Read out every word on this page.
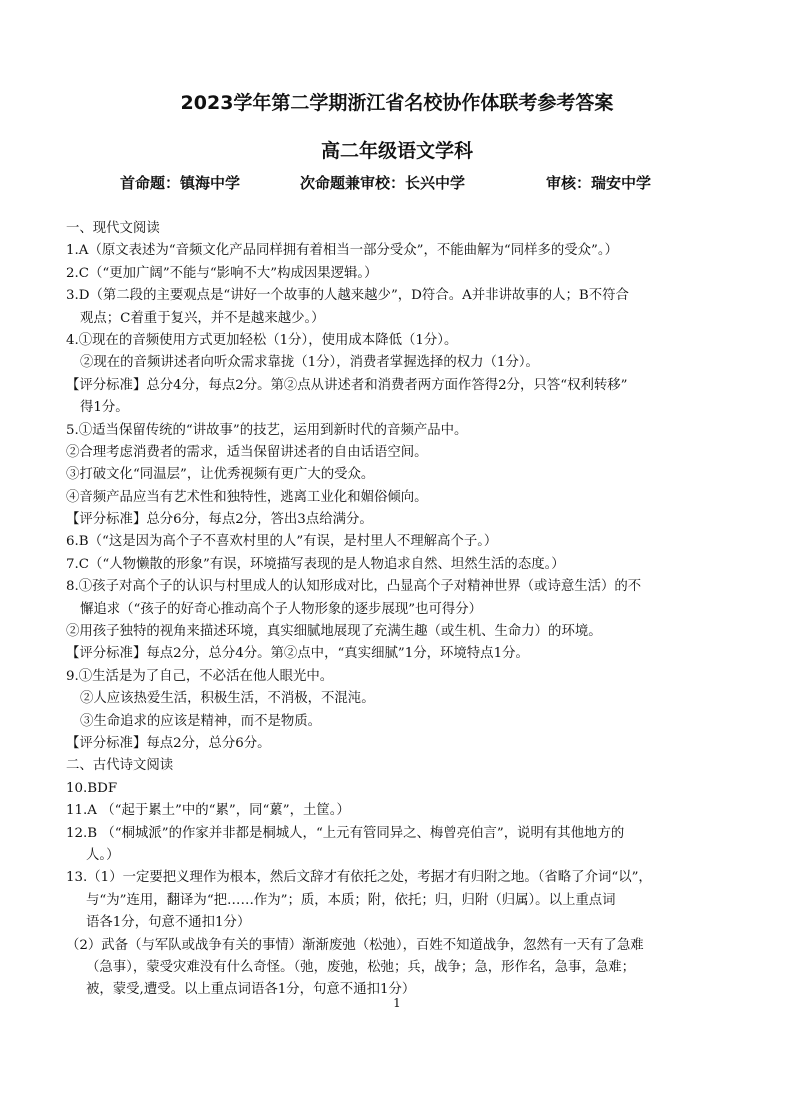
2023学年第二学期浙江省名校协作体联考参考答案
高二年级语文学科
首命题：镇海中学	次命题兼审校：长兴中学	审核：瑞安中学
一、现代文阅读
1.A（原文表述为“音频文化产品同样拥有着相当一部分受众”，不能曲解为“同样多的受众”。）
2.C（“更加广阔”不能与“影响不大”构成因果逻辑。）
3.D（第二段的主要观点是“讲好一个故事的人越来越少”，D符合。A并非讲故事的人；B不符合
观点；C着重于复兴，并不是越来越少。）
4.①现在的音频使用方式更加轻松（1分），使用成本降低（1分）。
②现在的音频讲述者向听众需求靠拢（1分），消费者掌握选择的权力（1分）。
【评分标准】总分4分，每点2分。第②点从讲述者和消费者两方面作答得2分，只答“权利转移”
得1分。
5.①适当保留传统的“讲故事”的技艺，运用到新时代的音频产品中。
②合理考虑消费者的需求，适当保留讲述者的自由话语空间。
③打破文化“同温层”，让优秀视频有更广大的受众。
④音频产品应当有艺术性和独特性，逃离工业化和媚俗倾向。
【评分标准】总分6分，每点2分，答出3点给满分。
6.B（“这是因为高个子不喜欢村里的人”有误，是村里人不理解高个子。）
7.C（“人物懒散的形象”有误，环境描写表现的是人物追求自然、坦然生活的态度。）
8.①孩子对高个子的认识与村里成人的认知形成对比，凸显高个子对精神世界（或诗意生活）的不
懈追求（“孩子的好奇心推动高个子人物形象的逐步展现”也可得分）
②用孩子独特的视角来描述环境，真实细腻地展现了充满生趣（或生机、生命力）的环境。
【评分标准】每点2分，总分4分。第②点中，“真实细腻”1分，环境特点1分。
9.①生活是为了自己，不必活在他人眼光中。
②人应该热爱生活，积极生活，不消极，不混沌。
③生命追求的应该是精神，而不是物质。
【评分标准】每点2分，总分6分。
二、古代诗文阅读
10.BDF
11.A （“起于累土”中的“累”，同“蔂”，土筐。）
12.B （“桐城派”的作家并非都是桐城人，“上元有管同异之、梅曾亮伯言”，说明有其他地方的
人。）
13.（1）一定要把义理作为根本，然后文辞才有依托之处，考据才有归附之地。（省略了介词“以”，
与“为”连用，翻译为“把……作为”；质，本质；附，依托；归，归附（归属）。以上重点词
语各1分，句意不通扣1分）
（2）武备（与军队或战争有关的事情）渐渐废弛（松弛），百姓不知道战争，忽然有一天有了急难
（急事），蒙受灾难没有什么奇怪。（弛，废弛，松弛；兵，战争；急，形作名，急事，急难；
被，蒙受,遭受。以上重点词语各1分，句意不通扣1分）
1
